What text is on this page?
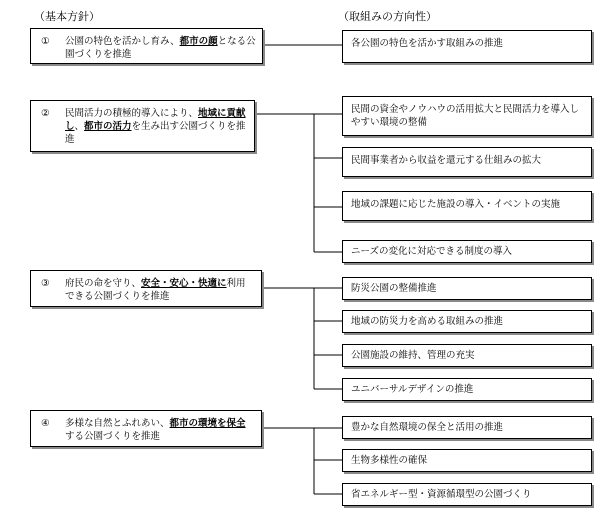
（基本方針）	（取組みの方向性）
① 公園の特色を活かし育み、都市の顔となる公園づくりを推進
② 民間活力の積極的導入により、地域に貢献し、都市の活力を生み出す公園づくりを推進
③ 府民の命を守り、安全・安心・快適に利用できる公園づくりを推進
④ 多様な自然とふれあい、都市の環境を保全する公園づくりを推進
各公園の特色を活かす取組みの推進
民間の資金やノウハウの活用拡大と民間活力を導入しやすい環境の整備
民間事業者から収益を還元する仕組みの拡大
地域の課題に応じた施設の導入・イベントの実施
ニーズの変化に対応できる制度の導入
防災公園の整備推進
地域の防災力を高める取組みの推進
公園施設の維持、管理の充実
ユニバーサルデザインの推進
豊かな自然環境の保全と活用の推進
生物多様性の確保
省エネルギー型・資源循環型の公園づくり
